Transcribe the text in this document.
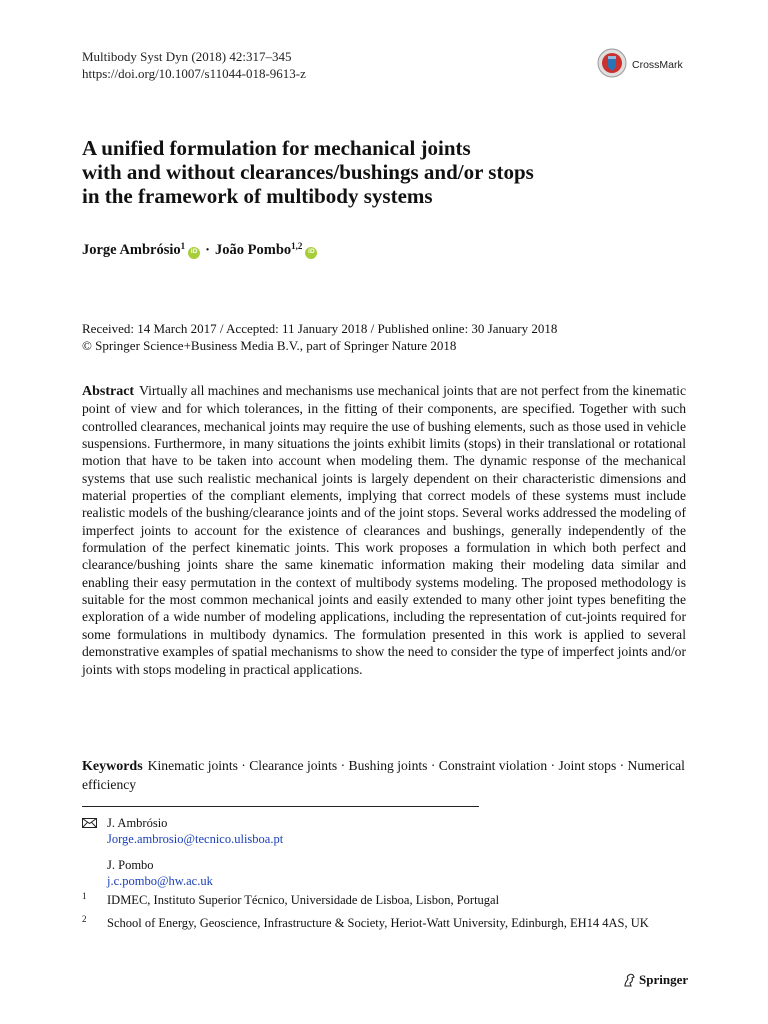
Multibody Syst Dyn (2018) 42:317–345
https://doi.org/10.1007/s11044-018-9613-z
CrossMark
A unified formulation for mechanical joints
with and without clearances/bushings and/or stops
in the framework of multibody systems
Jorge Ambrósio$^1$
iD · João Pombo$^{1,2}$
iD
Received: 14 March 2017 / Accepted: 11 January 2018 / Published online: 30 January 2018
© Springer Science+Business Media B.V., part of Springer Nature 2018

Abstract Virtually all machines and mechanisms use mechanical joints that are not perfect from the kinematic point of view and for which tolerances, in the fitting of their components, are specified. Together with such controlled clearances, mechanical joints may require the use of bushing elements, such as those used in vehicle suspensions. Furthermore, in many situations the joints exhibit limits (stops) in their translational or rotational motion that have to be taken into account when modeling them. The dynamic response of the mechanical systems that use such realistic mechanical joints is largely dependent on their characteristic dimensions and material properties of the compliant elements, implying that correct models of these systems must include realistic models of the bushing/clearance joints and of the joint stops. Several works addressed the modeling of imperfect joints to account for the existence of clearances and bushings, generally independently of the formulation of the perfect kinematic joints. This work proposes a formulation in which both perfect and clearance/bushing joints share the same kinematic information making their modeling data similar and enabling their easy permutation in the context of multibody systems modeling. The proposed methodology is suitable for the most common mechanical joints and easily extended to many other joint types benefiting the exploration of a wide number of modeling applications, including the representation of cut-joints required for some formulations in multibody dynamics. The formulation presented in this work is applied to several demonstrative examples of spatial mechanisms to show the need to consider the type of imperfect joints and/or joints with stops modeling in practical applications.

Keywords Kinematic joints · Clearance joints · Bushing joints · Constraint violation · Joint stops · Numerical efficiency
J. Ambrósio
Jorge.ambrosio@tecnico.ulisboa.pt
J. Pombo
j.c.pombo@hw.ac.uk
1 IDMEC, Instituto Superior Técnico, Universidade de Lisboa, Lisbon, Portugal
2 School of Energy, Geoscience, Infrastructure & Society, Heriot-Watt University, Edinburgh, EH14 4AS, UK
Springer
